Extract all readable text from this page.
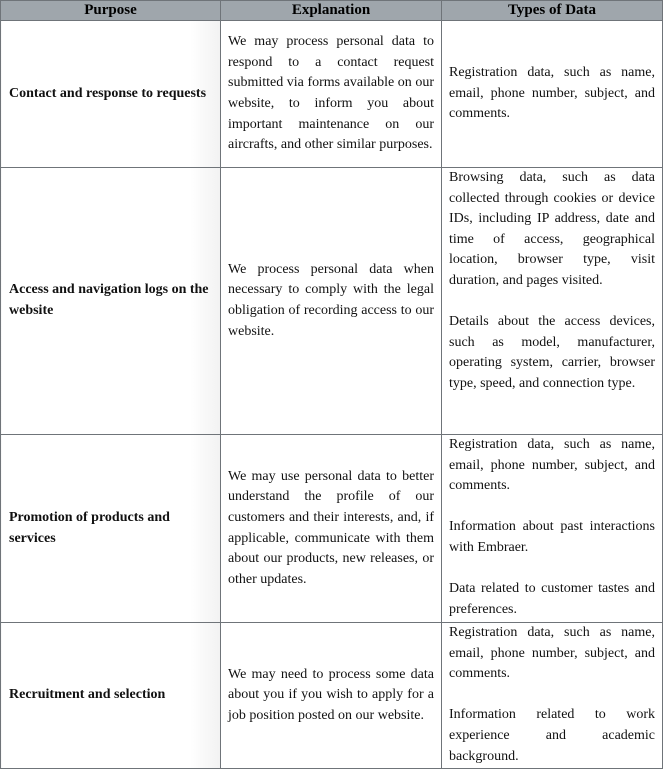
Purpose	Explanation	Types of Data
Contact and response to requests	We may process personal data to respond to a contact request submitted via forms available on our website, to inform you about important maintenance on our aircrafts, and other similar purposes.	Registration data, such as name, email, phone number, subject, and comments.

Access and navigation logs on the website	We process personal data when necessary to comply with the legal obligation of recording access to our website.	Browsing data, such as data collected through cookies or device IDs, including IP address, date and time of access, geographical location, browser type, visit duration, and pages visited.

Details about the access devices, such as model, manufacturer, operating system, carrier, browser type, speed, and connection type.

Promotion of products and services	We may use personal data to better understand the profile of our customers and their interests, and, if applicable, communicate with them about our products, new releases, or other updates.	Registration data, such as name, email, phone number, subject, and comments.

Information about past interactions with Embraer.

Data related to customer tastes and preferences.

Recruitment and selection	We may need to process some data about you if you wish to apply for a job position posted on our website.	Registration data, such as name, email, phone number, subject, and comments.

Information related to work experience and academic background.
